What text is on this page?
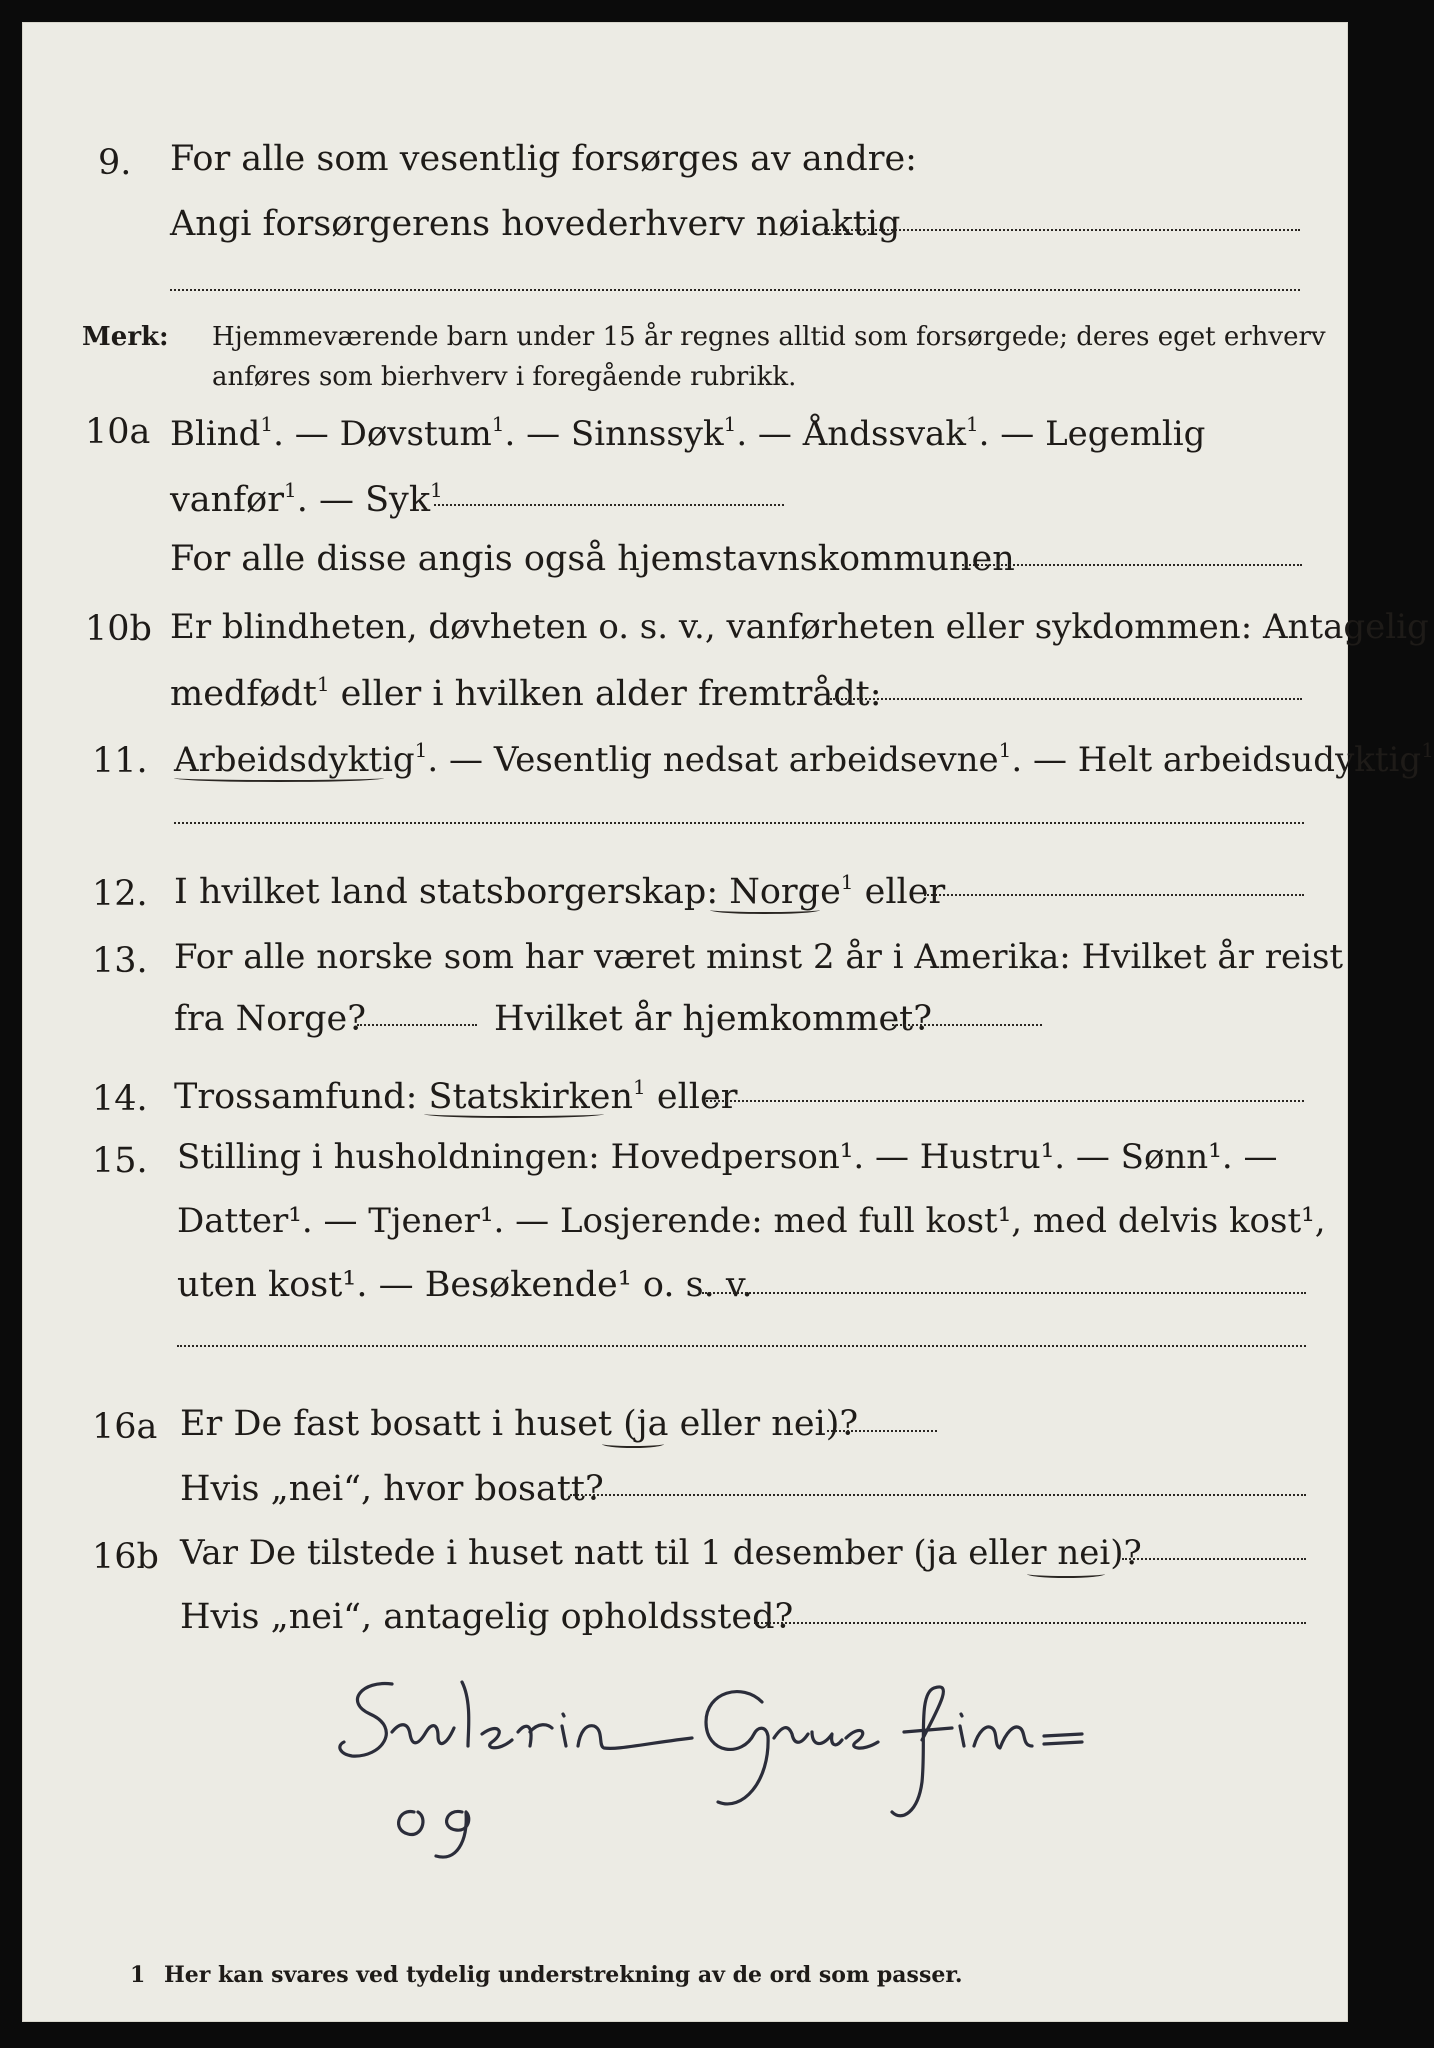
9. For alle som vesentlig forsørges av andre:
Angi forsørgerens hovederhverv nøiaktig
Merk: Hjemmeværende barn under 15 år regnes alltid som forsørgede; deres eget erhverv
anføres som bierhverv i foregående rubrikk.
10a Blind$^1$. — Døvstum$^1$. — Sinnssyk$^1$. — Åndssvak$^1$. — Legemlig
vanfør$^1$. — Syk$^1$
For alle disse angis også hjemstavnskommunen
10b Er blindheten, døvheten o. s. v., vanførheten eller sykdommen: Antagelig
medfødt$^1$ eller i hvilken alder fremtrådt:
11. Arbeidsdyktig$^1$. — Vesentlig nedsat arbeidsevne$^1$. — Helt arbeidsudyktig$^1$
12. I hvilket land statsborgerskap: Norge$^1$ eller
13. For alle norske som har været minst 2 år i Amerika: Hvilket år reist
fra Norge?	Hvilket år hjemkommet?
14. Trossamfund: Statskirken$^1$ eller
15. Stilling i husholdningen: Hovedperson¹. — Hustru¹. — Sønn¹. —
Datter¹. — Tjener¹. — Losjerende: med full kost¹, med delvis kost¹,
uten kost¹. — Besøkende¹ o. s. v.
16a Er De fast bosatt i huset (ja eller nei)?
Hvis „nei“, hvor bosatt?
16b Var De tilstede i huset natt til 1 desember (ja eller nei)?
Hvis „nei“, antagelig opholdssted?
1 Her kan svares ved tydelig understrekning av de ord som passer.
